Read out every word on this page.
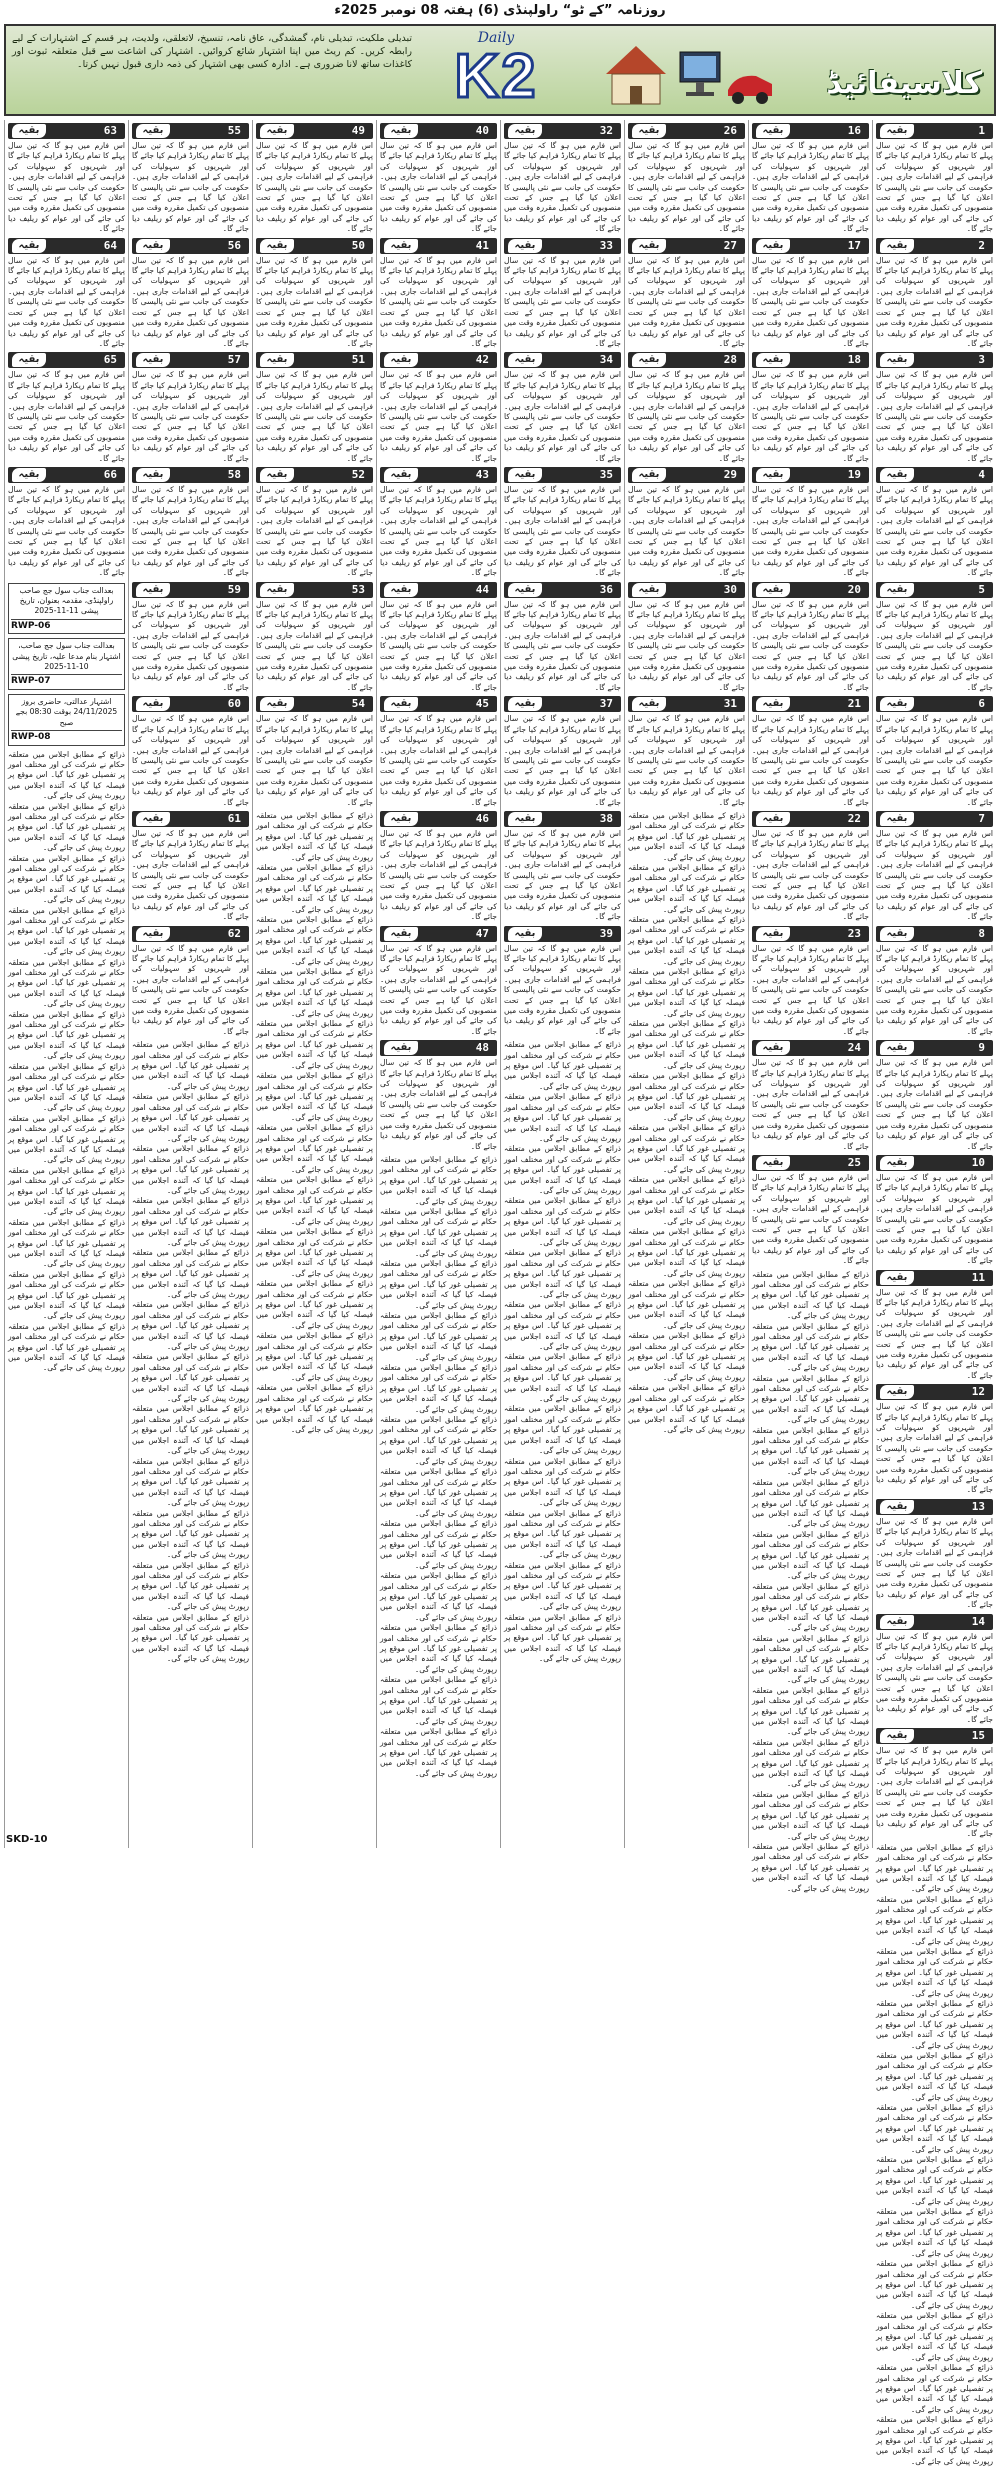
روزنامہ ”کے ٹو“ راولپنڈی (6) ہفتہ 08 نومبر 2025ء
تبدیلی ملکیت، تبدیلی نام، گمشدگی، عاق نامہ، تنسیخ، لاتعلقی، ولدیت، ہر قسم کے اشتہارات کے لیے رابطہ کریں۔ کم ریٹ میں اپنا اشتہار شائع کروائیں۔ اشتہار کی اشاعت سے قبل متعلقہ ثبوت اور کاغذات ساتھ لانا ضروری ہے۔ ادارہ کسی بھی اشتہار کی ذمہ داری قبول نہیں کرتا۔
Daily
K2	کلاسیفائیڈ
1
بقیہ
اس فارم میں ہو گا کہ تین سال پہلے کا تمام ریکارڈ فراہم کیا جائے گا اور شہریوں کو سہولیات کی فراہمی کے لیے اقدامات جاری ہیں۔ حکومت کی جانب سے نئی پالیسی کا اعلان کیا گیا ہے جس کے تحت منصوبوں کی تکمیل مقررہ وقت میں کی جائے گی اور عوام کو ریلیف دیا جائے گا۔
2
بقیہ
اس فارم میں ہو گا کہ تین سال پہلے کا تمام ریکارڈ فراہم کیا جائے گا اور شہریوں کو سہولیات کی فراہمی کے لیے اقدامات جاری ہیں۔ حکومت کی جانب سے نئی پالیسی کا اعلان کیا گیا ہے جس کے تحت منصوبوں کی تکمیل مقررہ وقت میں کی جائے گی اور عوام کو ریلیف دیا جائے گا۔
3
بقیہ
اس فارم میں ہو گا کہ تین سال پہلے کا تمام ریکارڈ فراہم کیا جائے گا اور شہریوں کو سہولیات کی فراہمی کے لیے اقدامات جاری ہیں۔ حکومت کی جانب سے نئی پالیسی کا اعلان کیا گیا ہے جس کے تحت منصوبوں کی تکمیل مقررہ وقت میں کی جائے گی اور عوام کو ریلیف دیا جائے گا۔
4
بقیہ
اس فارم میں ہو گا کہ تین سال پہلے کا تمام ریکارڈ فراہم کیا جائے گا اور شہریوں کو سہولیات کی فراہمی کے لیے اقدامات جاری ہیں۔ حکومت کی جانب سے نئی پالیسی کا اعلان کیا گیا ہے جس کے تحت منصوبوں کی تکمیل مقررہ وقت میں کی جائے گی اور عوام کو ریلیف دیا جائے گا۔
5
بقیہ
اس فارم میں ہو گا کہ تین سال پہلے کا تمام ریکارڈ فراہم کیا جائے گا اور شہریوں کو سہولیات کی فراہمی کے لیے اقدامات جاری ہیں۔ حکومت کی جانب سے نئی پالیسی کا اعلان کیا گیا ہے جس کے تحت منصوبوں کی تکمیل مقررہ وقت میں کی جائے گی اور عوام کو ریلیف دیا جائے گا۔
6
بقیہ
اس فارم میں ہو گا کہ تین سال پہلے کا تمام ریکارڈ فراہم کیا جائے گا اور شہریوں کو سہولیات کی فراہمی کے لیے اقدامات جاری ہیں۔ حکومت کی جانب سے نئی پالیسی کا اعلان کیا گیا ہے جس کے تحت منصوبوں کی تکمیل مقررہ وقت میں کی جائے گی اور عوام کو ریلیف دیا جائے گا۔
7
بقیہ
اس فارم میں ہو گا کہ تین سال پہلے کا تمام ریکارڈ فراہم کیا جائے گا اور شہریوں کو سہولیات کی فراہمی کے لیے اقدامات جاری ہیں۔ حکومت کی جانب سے نئی پالیسی کا اعلان کیا گیا ہے جس کے تحت منصوبوں کی تکمیل مقررہ وقت میں کی جائے گی اور عوام کو ریلیف دیا جائے گا۔
8
بقیہ
اس فارم میں ہو گا کہ تین سال پہلے کا تمام ریکارڈ فراہم کیا جائے گا اور شہریوں کو سہولیات کی فراہمی کے لیے اقدامات جاری ہیں۔ حکومت کی جانب سے نئی پالیسی کا اعلان کیا گیا ہے جس کے تحت منصوبوں کی تکمیل مقررہ وقت میں کی جائے گی اور عوام کو ریلیف دیا جائے گا۔
9
بقیہ
اس فارم میں ہو گا کہ تین سال پہلے کا تمام ریکارڈ فراہم کیا جائے گا اور شہریوں کو سہولیات کی فراہمی کے لیے اقدامات جاری ہیں۔ حکومت کی جانب سے نئی پالیسی کا اعلان کیا گیا ہے جس کے تحت منصوبوں کی تکمیل مقررہ وقت میں کی جائے گی اور عوام کو ریلیف دیا جائے گا۔
10
بقیہ
اس فارم میں ہو گا کہ تین سال پہلے کا تمام ریکارڈ فراہم کیا جائے گا اور شہریوں کو سہولیات کی فراہمی کے لیے اقدامات جاری ہیں۔ حکومت کی جانب سے نئی پالیسی کا اعلان کیا گیا ہے جس کے تحت منصوبوں کی تکمیل مقررہ وقت میں کی جائے گی اور عوام کو ریلیف دیا جائے گا۔
11
بقیہ
اس فارم میں ہو گا کہ تین سال پہلے کا تمام ریکارڈ فراہم کیا جائے گا اور شہریوں کو سہولیات کی فراہمی کے لیے اقدامات جاری ہیں۔ حکومت کی جانب سے نئی پالیسی کا اعلان کیا گیا ہے جس کے تحت منصوبوں کی تکمیل مقررہ وقت میں کی جائے گی اور عوام کو ریلیف دیا جائے گا۔
12
بقیہ
اس فارم میں ہو گا کہ تین سال پہلے کا تمام ریکارڈ فراہم کیا جائے گا اور شہریوں کو سہولیات کی فراہمی کے لیے اقدامات جاری ہیں۔ حکومت کی جانب سے نئی پالیسی کا اعلان کیا گیا ہے جس کے تحت منصوبوں کی تکمیل مقررہ وقت میں کی جائے گی اور عوام کو ریلیف دیا جائے گا۔
13
بقیہ
اس فارم میں ہو گا کہ تین سال پہلے کا تمام ریکارڈ فراہم کیا جائے گا اور شہریوں کو سہولیات کی فراہمی کے لیے اقدامات جاری ہیں۔ حکومت کی جانب سے نئی پالیسی کا اعلان کیا گیا ہے جس کے تحت منصوبوں کی تکمیل مقررہ وقت میں کی جائے گی اور عوام کو ریلیف دیا جائے گا۔
14
بقیہ
اس فارم میں ہو گا کہ تین سال پہلے کا تمام ریکارڈ فراہم کیا جائے گا اور شہریوں کو سہولیات کی فراہمی کے لیے اقدامات جاری ہیں۔ حکومت کی جانب سے نئی پالیسی کا اعلان کیا گیا ہے جس کے تحت منصوبوں کی تکمیل مقررہ وقت میں کی جائے گی اور عوام کو ریلیف دیا جائے گا۔
15
بقیہ
اس فارم میں ہو گا کہ تین سال پہلے کا تمام ریکارڈ فراہم کیا جائے گا اور شہریوں کو سہولیات کی فراہمی کے لیے اقدامات جاری ہیں۔ حکومت کی جانب سے نئی پالیسی کا اعلان کیا گیا ہے جس کے تحت منصوبوں کی تکمیل مقررہ وقت میں کی جائے گی اور عوام کو ریلیف دیا جائے گا۔
ذرائع کے مطابق اجلاس میں متعلقہ حکام نے شرکت کی اور مختلف امور پر تفصیلی غور کیا گیا۔ اس موقع پر فیصلہ کیا گیا کہ آئندہ اجلاس میں رپورٹ پیش کی جائے گی۔
ذرائع کے مطابق اجلاس میں متعلقہ حکام نے شرکت کی اور مختلف امور پر تفصیلی غور کیا گیا۔ اس موقع پر فیصلہ کیا گیا کہ آئندہ اجلاس میں رپورٹ پیش کی جائے گی۔
ذرائع کے مطابق اجلاس میں متعلقہ حکام نے شرکت کی اور مختلف امور پر تفصیلی غور کیا گیا۔ اس موقع پر فیصلہ کیا گیا کہ آئندہ اجلاس میں رپورٹ پیش کی جائے گی۔
ذرائع کے مطابق اجلاس میں متعلقہ حکام نے شرکت کی اور مختلف امور پر تفصیلی غور کیا گیا۔ اس موقع پر فیصلہ کیا گیا کہ آئندہ اجلاس میں رپورٹ پیش کی جائے گی۔
ذرائع کے مطابق اجلاس میں متعلقہ حکام نے شرکت کی اور مختلف امور پر تفصیلی غور کیا گیا۔ اس موقع پر فیصلہ کیا گیا کہ آئندہ اجلاس میں رپورٹ پیش کی جائے گی۔
ذرائع کے مطابق اجلاس میں متعلقہ حکام نے شرکت کی اور مختلف امور پر تفصیلی غور کیا گیا۔ اس موقع پر فیصلہ کیا گیا کہ آئندہ اجلاس میں رپورٹ پیش کی جائے گی۔
ذرائع کے مطابق اجلاس میں متعلقہ حکام نے شرکت کی اور مختلف امور پر تفصیلی غور کیا گیا۔ اس موقع پر فیصلہ کیا گیا کہ آئندہ اجلاس میں رپورٹ پیش کی جائے گی۔
ذرائع کے مطابق اجلاس میں متعلقہ حکام نے شرکت کی اور مختلف امور پر تفصیلی غور کیا گیا۔ اس موقع پر فیصلہ کیا گیا کہ آئندہ اجلاس میں رپورٹ پیش کی جائے گی۔
ذرائع کے مطابق اجلاس میں متعلقہ حکام نے شرکت کی اور مختلف امور پر تفصیلی غور کیا گیا۔ اس موقع پر فیصلہ کیا گیا کہ آئندہ اجلاس میں رپورٹ پیش کی جائے گی۔
ذرائع کے مطابق اجلاس میں متعلقہ حکام نے شرکت کی اور مختلف امور پر تفصیلی غور کیا گیا۔ اس موقع پر فیصلہ کیا گیا کہ آئندہ اجلاس میں رپورٹ پیش کی جائے گی۔
ذرائع کے مطابق اجلاس میں متعلقہ حکام نے شرکت کی اور مختلف امور پر تفصیلی غور کیا گیا۔ اس موقع پر فیصلہ کیا گیا کہ آئندہ اجلاس میں رپورٹ پیش کی جائے گی۔
ذرائع کے مطابق اجلاس میں متعلقہ حکام نے شرکت کی اور مختلف امور پر تفصیلی غور کیا گیا۔ اس موقع پر فیصلہ کیا گیا کہ آئندہ اجلاس میں رپورٹ پیش کی جائے گی۔
16
بقیہ
اس فارم میں ہو گا کہ تین سال پہلے کا تمام ریکارڈ فراہم کیا جائے گا اور شہریوں کو سہولیات کی فراہمی کے لیے اقدامات جاری ہیں۔ حکومت کی جانب سے نئی پالیسی کا اعلان کیا گیا ہے جس کے تحت منصوبوں کی تکمیل مقررہ وقت میں کی جائے گی اور عوام کو ریلیف دیا جائے گا۔
17
بقیہ
اس فارم میں ہو گا کہ تین سال پہلے کا تمام ریکارڈ فراہم کیا جائے گا اور شہریوں کو سہولیات کی فراہمی کے لیے اقدامات جاری ہیں۔ حکومت کی جانب سے نئی پالیسی کا اعلان کیا گیا ہے جس کے تحت منصوبوں کی تکمیل مقررہ وقت میں کی جائے گی اور عوام کو ریلیف دیا جائے گا۔
18
بقیہ
اس فارم میں ہو گا کہ تین سال پہلے کا تمام ریکارڈ فراہم کیا جائے گا اور شہریوں کو سہولیات کی فراہمی کے لیے اقدامات جاری ہیں۔ حکومت کی جانب سے نئی پالیسی کا اعلان کیا گیا ہے جس کے تحت منصوبوں کی تکمیل مقررہ وقت میں کی جائے گی اور عوام کو ریلیف دیا جائے گا۔
19
بقیہ
اس فارم میں ہو گا کہ تین سال پہلے کا تمام ریکارڈ فراہم کیا جائے گا اور شہریوں کو سہولیات کی فراہمی کے لیے اقدامات جاری ہیں۔ حکومت کی جانب سے نئی پالیسی کا اعلان کیا گیا ہے جس کے تحت منصوبوں کی تکمیل مقررہ وقت میں کی جائے گی اور عوام کو ریلیف دیا جائے گا۔
20
بقیہ
اس فارم میں ہو گا کہ تین سال پہلے کا تمام ریکارڈ فراہم کیا جائے گا اور شہریوں کو سہولیات کی فراہمی کے لیے اقدامات جاری ہیں۔ حکومت کی جانب سے نئی پالیسی کا اعلان کیا گیا ہے جس کے تحت منصوبوں کی تکمیل مقررہ وقت میں کی جائے گی اور عوام کو ریلیف دیا جائے گا۔
21
بقیہ
اس فارم میں ہو گا کہ تین سال پہلے کا تمام ریکارڈ فراہم کیا جائے گا اور شہریوں کو سہولیات کی فراہمی کے لیے اقدامات جاری ہیں۔ حکومت کی جانب سے نئی پالیسی کا اعلان کیا گیا ہے جس کے تحت منصوبوں کی تکمیل مقررہ وقت میں کی جائے گی اور عوام کو ریلیف دیا جائے گا۔
22
بقیہ
اس فارم میں ہو گا کہ تین سال پہلے کا تمام ریکارڈ فراہم کیا جائے گا اور شہریوں کو سہولیات کی فراہمی کے لیے اقدامات جاری ہیں۔ حکومت کی جانب سے نئی پالیسی کا اعلان کیا گیا ہے جس کے تحت منصوبوں کی تکمیل مقررہ وقت میں کی جائے گی اور عوام کو ریلیف دیا جائے گا۔
23
بقیہ
اس فارم میں ہو گا کہ تین سال پہلے کا تمام ریکارڈ فراہم کیا جائے گا اور شہریوں کو سہولیات کی فراہمی کے لیے اقدامات جاری ہیں۔ حکومت کی جانب سے نئی پالیسی کا اعلان کیا گیا ہے جس کے تحت منصوبوں کی تکمیل مقررہ وقت میں کی جائے گی اور عوام کو ریلیف دیا جائے گا۔
24
بقیہ
اس فارم میں ہو گا کہ تین سال پہلے کا تمام ریکارڈ فراہم کیا جائے گا اور شہریوں کو سہولیات کی فراہمی کے لیے اقدامات جاری ہیں۔ حکومت کی جانب سے نئی پالیسی کا اعلان کیا گیا ہے جس کے تحت منصوبوں کی تکمیل مقررہ وقت میں کی جائے گی اور عوام کو ریلیف دیا جائے گا۔
25
بقیہ
اس فارم میں ہو گا کہ تین سال پہلے کا تمام ریکارڈ فراہم کیا جائے گا اور شہریوں کو سہولیات کی فراہمی کے لیے اقدامات جاری ہیں۔ حکومت کی جانب سے نئی پالیسی کا اعلان کیا گیا ہے جس کے تحت منصوبوں کی تکمیل مقررہ وقت میں کی جائے گی اور عوام کو ریلیف دیا جائے گا۔
ذرائع کے مطابق اجلاس میں متعلقہ حکام نے شرکت کی اور مختلف امور پر تفصیلی غور کیا گیا۔ اس موقع پر فیصلہ کیا گیا کہ آئندہ اجلاس میں رپورٹ پیش کی جائے گی۔
ذرائع کے مطابق اجلاس میں متعلقہ حکام نے شرکت کی اور مختلف امور پر تفصیلی غور کیا گیا۔ اس موقع پر فیصلہ کیا گیا کہ آئندہ اجلاس میں رپورٹ پیش کی جائے گی۔
ذرائع کے مطابق اجلاس میں متعلقہ حکام نے شرکت کی اور مختلف امور پر تفصیلی غور کیا گیا۔ اس موقع پر فیصلہ کیا گیا کہ آئندہ اجلاس میں رپورٹ پیش کی جائے گی۔
ذرائع کے مطابق اجلاس میں متعلقہ حکام نے شرکت کی اور مختلف امور پر تفصیلی غور کیا گیا۔ اس موقع پر فیصلہ کیا گیا کہ آئندہ اجلاس میں رپورٹ پیش کی جائے گی۔
ذرائع کے مطابق اجلاس میں متعلقہ حکام نے شرکت کی اور مختلف امور پر تفصیلی غور کیا گیا۔ اس موقع پر فیصلہ کیا گیا کہ آئندہ اجلاس میں رپورٹ پیش کی جائے گی۔
ذرائع کے مطابق اجلاس میں متعلقہ حکام نے شرکت کی اور مختلف امور پر تفصیلی غور کیا گیا۔ اس موقع پر فیصلہ کیا گیا کہ آئندہ اجلاس میں رپورٹ پیش کی جائے گی۔
ذرائع کے مطابق اجلاس میں متعلقہ حکام نے شرکت کی اور مختلف امور پر تفصیلی غور کیا گیا۔ اس موقع پر فیصلہ کیا گیا کہ آئندہ اجلاس میں رپورٹ پیش کی جائے گی۔
ذرائع کے مطابق اجلاس میں متعلقہ حکام نے شرکت کی اور مختلف امور پر تفصیلی غور کیا گیا۔ اس موقع پر فیصلہ کیا گیا کہ آئندہ اجلاس میں رپورٹ پیش کی جائے گی۔
ذرائع کے مطابق اجلاس میں متعلقہ حکام نے شرکت کی اور مختلف امور پر تفصیلی غور کیا گیا۔ اس موقع پر فیصلہ کیا گیا کہ آئندہ اجلاس میں رپورٹ پیش کی جائے گی۔
ذرائع کے مطابق اجلاس میں متعلقہ حکام نے شرکت کی اور مختلف امور پر تفصیلی غور کیا گیا۔ اس موقع پر فیصلہ کیا گیا کہ آئندہ اجلاس میں رپورٹ پیش کی جائے گی۔
ذرائع کے مطابق اجلاس میں متعلقہ حکام نے شرکت کی اور مختلف امور پر تفصیلی غور کیا گیا۔ اس موقع پر فیصلہ کیا گیا کہ آئندہ اجلاس میں رپورٹ پیش کی جائے گی۔
ذرائع کے مطابق اجلاس میں متعلقہ حکام نے شرکت کی اور مختلف امور پر تفصیلی غور کیا گیا۔ اس موقع پر فیصلہ کیا گیا کہ آئندہ اجلاس میں رپورٹ پیش کی جائے گی۔
26
بقیہ
اس فارم میں ہو گا کہ تین سال پہلے کا تمام ریکارڈ فراہم کیا جائے گا اور شہریوں کو سہولیات کی فراہمی کے لیے اقدامات جاری ہیں۔ حکومت کی جانب سے نئی پالیسی کا اعلان کیا گیا ہے جس کے تحت منصوبوں کی تکمیل مقررہ وقت میں کی جائے گی اور عوام کو ریلیف دیا جائے گا۔
27
بقیہ
اس فارم میں ہو گا کہ تین سال پہلے کا تمام ریکارڈ فراہم کیا جائے گا اور شہریوں کو سہولیات کی فراہمی کے لیے اقدامات جاری ہیں۔ حکومت کی جانب سے نئی پالیسی کا اعلان کیا گیا ہے جس کے تحت منصوبوں کی تکمیل مقررہ وقت میں کی جائے گی اور عوام کو ریلیف دیا جائے گا۔
28
بقیہ
اس فارم میں ہو گا کہ تین سال پہلے کا تمام ریکارڈ فراہم کیا جائے گا اور شہریوں کو سہولیات کی فراہمی کے لیے اقدامات جاری ہیں۔ حکومت کی جانب سے نئی پالیسی کا اعلان کیا گیا ہے جس کے تحت منصوبوں کی تکمیل مقررہ وقت میں کی جائے گی اور عوام کو ریلیف دیا جائے گا۔
29
بقیہ
اس فارم میں ہو گا کہ تین سال پہلے کا تمام ریکارڈ فراہم کیا جائے گا اور شہریوں کو سہولیات کی فراہمی کے لیے اقدامات جاری ہیں۔ حکومت کی جانب سے نئی پالیسی کا اعلان کیا گیا ہے جس کے تحت منصوبوں کی تکمیل مقررہ وقت میں کی جائے گی اور عوام کو ریلیف دیا جائے گا۔
30
بقیہ
اس فارم میں ہو گا کہ تین سال پہلے کا تمام ریکارڈ فراہم کیا جائے گا اور شہریوں کو سہولیات کی فراہمی کے لیے اقدامات جاری ہیں۔ حکومت کی جانب سے نئی پالیسی کا اعلان کیا گیا ہے جس کے تحت منصوبوں کی تکمیل مقررہ وقت میں کی جائے گی اور عوام کو ریلیف دیا جائے گا۔
31
بقیہ
اس فارم میں ہو گا کہ تین سال پہلے کا تمام ریکارڈ فراہم کیا جائے گا اور شہریوں کو سہولیات کی فراہمی کے لیے اقدامات جاری ہیں۔ حکومت کی جانب سے نئی پالیسی کا اعلان کیا گیا ہے جس کے تحت منصوبوں کی تکمیل مقررہ وقت میں کی جائے گی اور عوام کو ریلیف دیا جائے گا۔
ذرائع کے مطابق اجلاس میں متعلقہ حکام نے شرکت کی اور مختلف امور پر تفصیلی غور کیا گیا۔ اس موقع پر فیصلہ کیا گیا کہ آئندہ اجلاس میں رپورٹ پیش کی جائے گی۔
ذرائع کے مطابق اجلاس میں متعلقہ حکام نے شرکت کی اور مختلف امور پر تفصیلی غور کیا گیا۔ اس موقع پر فیصلہ کیا گیا کہ آئندہ اجلاس میں رپورٹ پیش کی جائے گی۔
ذرائع کے مطابق اجلاس میں متعلقہ حکام نے شرکت کی اور مختلف امور پر تفصیلی غور کیا گیا۔ اس موقع پر فیصلہ کیا گیا کہ آئندہ اجلاس میں رپورٹ پیش کی جائے گی۔
ذرائع کے مطابق اجلاس میں متعلقہ حکام نے شرکت کی اور مختلف امور پر تفصیلی غور کیا گیا۔ اس موقع پر فیصلہ کیا گیا کہ آئندہ اجلاس میں رپورٹ پیش کی جائے گی۔
ذرائع کے مطابق اجلاس میں متعلقہ حکام نے شرکت کی اور مختلف امور پر تفصیلی غور کیا گیا۔ اس موقع پر فیصلہ کیا گیا کہ آئندہ اجلاس میں رپورٹ پیش کی جائے گی۔
ذرائع کے مطابق اجلاس میں متعلقہ حکام نے شرکت کی اور مختلف امور پر تفصیلی غور کیا گیا۔ اس موقع پر فیصلہ کیا گیا کہ آئندہ اجلاس میں رپورٹ پیش کی جائے گی۔
ذرائع کے مطابق اجلاس میں متعلقہ حکام نے شرکت کی اور مختلف امور پر تفصیلی غور کیا گیا۔ اس موقع پر فیصلہ کیا گیا کہ آئندہ اجلاس میں رپورٹ پیش کی جائے گی۔
ذرائع کے مطابق اجلاس میں متعلقہ حکام نے شرکت کی اور مختلف امور پر تفصیلی غور کیا گیا۔ اس موقع پر فیصلہ کیا گیا کہ آئندہ اجلاس میں رپورٹ پیش کی جائے گی۔
ذرائع کے مطابق اجلاس میں متعلقہ حکام نے شرکت کی اور مختلف امور پر تفصیلی غور کیا گیا۔ اس موقع پر فیصلہ کیا گیا کہ آئندہ اجلاس میں رپورٹ پیش کی جائے گی۔
ذرائع کے مطابق اجلاس میں متعلقہ حکام نے شرکت کی اور مختلف امور پر تفصیلی غور کیا گیا۔ اس موقع پر فیصلہ کیا گیا کہ آئندہ اجلاس میں رپورٹ پیش کی جائے گی۔
ذرائع کے مطابق اجلاس میں متعلقہ حکام نے شرکت کی اور مختلف امور پر تفصیلی غور کیا گیا۔ اس موقع پر فیصلہ کیا گیا کہ آئندہ اجلاس میں رپورٹ پیش کی جائے گی۔
ذرائع کے مطابق اجلاس میں متعلقہ حکام نے شرکت کی اور مختلف امور پر تفصیلی غور کیا گیا۔ اس موقع پر فیصلہ کیا گیا کہ آئندہ اجلاس میں رپورٹ پیش کی جائے گی۔
32
بقیہ
اس فارم میں ہو گا کہ تین سال پہلے کا تمام ریکارڈ فراہم کیا جائے گا اور شہریوں کو سہولیات کی فراہمی کے لیے اقدامات جاری ہیں۔ حکومت کی جانب سے نئی پالیسی کا اعلان کیا گیا ہے جس کے تحت منصوبوں کی تکمیل مقررہ وقت میں کی جائے گی اور عوام کو ریلیف دیا جائے گا۔
33
بقیہ
اس فارم میں ہو گا کہ تین سال پہلے کا تمام ریکارڈ فراہم کیا جائے گا اور شہریوں کو سہولیات کی فراہمی کے لیے اقدامات جاری ہیں۔ حکومت کی جانب سے نئی پالیسی کا اعلان کیا گیا ہے جس کے تحت منصوبوں کی تکمیل مقررہ وقت میں کی جائے گی اور عوام کو ریلیف دیا جائے گا۔
34
بقیہ
اس فارم میں ہو گا کہ تین سال پہلے کا تمام ریکارڈ فراہم کیا جائے گا اور شہریوں کو سہولیات کی فراہمی کے لیے اقدامات جاری ہیں۔ حکومت کی جانب سے نئی پالیسی کا اعلان کیا گیا ہے جس کے تحت منصوبوں کی تکمیل مقررہ وقت میں کی جائے گی اور عوام کو ریلیف دیا جائے گا۔
35
بقیہ
اس فارم میں ہو گا کہ تین سال پہلے کا تمام ریکارڈ فراہم کیا جائے گا اور شہریوں کو سہولیات کی فراہمی کے لیے اقدامات جاری ہیں۔ حکومت کی جانب سے نئی پالیسی کا اعلان کیا گیا ہے جس کے تحت منصوبوں کی تکمیل مقررہ وقت میں کی جائے گی اور عوام کو ریلیف دیا جائے گا۔
36
بقیہ
اس فارم میں ہو گا کہ تین سال پہلے کا تمام ریکارڈ فراہم کیا جائے گا اور شہریوں کو سہولیات کی فراہمی کے لیے اقدامات جاری ہیں۔ حکومت کی جانب سے نئی پالیسی کا اعلان کیا گیا ہے جس کے تحت منصوبوں کی تکمیل مقررہ وقت میں کی جائے گی اور عوام کو ریلیف دیا جائے گا۔
37
بقیہ
اس فارم میں ہو گا کہ تین سال پہلے کا تمام ریکارڈ فراہم کیا جائے گا اور شہریوں کو سہولیات کی فراہمی کے لیے اقدامات جاری ہیں۔ حکومت کی جانب سے نئی پالیسی کا اعلان کیا گیا ہے جس کے تحت منصوبوں کی تکمیل مقررہ وقت میں کی جائے گی اور عوام کو ریلیف دیا جائے گا۔
38
بقیہ
اس فارم میں ہو گا کہ تین سال پہلے کا تمام ریکارڈ فراہم کیا جائے گا اور شہریوں کو سہولیات کی فراہمی کے لیے اقدامات جاری ہیں۔ حکومت کی جانب سے نئی پالیسی کا اعلان کیا گیا ہے جس کے تحت منصوبوں کی تکمیل مقررہ وقت میں کی جائے گی اور عوام کو ریلیف دیا جائے گا۔
39
بقیہ
اس فارم میں ہو گا کہ تین سال پہلے کا تمام ریکارڈ فراہم کیا جائے گا اور شہریوں کو سہولیات کی فراہمی کے لیے اقدامات جاری ہیں۔ حکومت کی جانب سے نئی پالیسی کا اعلان کیا گیا ہے جس کے تحت منصوبوں کی تکمیل مقررہ وقت میں کی جائے گی اور عوام کو ریلیف دیا جائے گا۔
ذرائع کے مطابق اجلاس میں متعلقہ حکام نے شرکت کی اور مختلف امور پر تفصیلی غور کیا گیا۔ اس موقع پر فیصلہ کیا گیا کہ آئندہ اجلاس میں رپورٹ پیش کی جائے گی۔
ذرائع کے مطابق اجلاس میں متعلقہ حکام نے شرکت کی اور مختلف امور پر تفصیلی غور کیا گیا۔ اس موقع پر فیصلہ کیا گیا کہ آئندہ اجلاس میں رپورٹ پیش کی جائے گی۔
ذرائع کے مطابق اجلاس میں متعلقہ حکام نے شرکت کی اور مختلف امور پر تفصیلی غور کیا گیا۔ اس موقع پر فیصلہ کیا گیا کہ آئندہ اجلاس میں رپورٹ پیش کی جائے گی۔
ذرائع کے مطابق اجلاس میں متعلقہ حکام نے شرکت کی اور مختلف امور پر تفصیلی غور کیا گیا۔ اس موقع پر فیصلہ کیا گیا کہ آئندہ اجلاس میں رپورٹ پیش کی جائے گی۔
ذرائع کے مطابق اجلاس میں متعلقہ حکام نے شرکت کی اور مختلف امور پر تفصیلی غور کیا گیا۔ اس موقع پر فیصلہ کیا گیا کہ آئندہ اجلاس میں رپورٹ پیش کی جائے گی۔
ذرائع کے مطابق اجلاس میں متعلقہ حکام نے شرکت کی اور مختلف امور پر تفصیلی غور کیا گیا۔ اس موقع پر فیصلہ کیا گیا کہ آئندہ اجلاس میں رپورٹ پیش کی جائے گی۔
ذرائع کے مطابق اجلاس میں متعلقہ حکام نے شرکت کی اور مختلف امور پر تفصیلی غور کیا گیا۔ اس موقع پر فیصلہ کیا گیا کہ آئندہ اجلاس میں رپورٹ پیش کی جائے گی۔
ذرائع کے مطابق اجلاس میں متعلقہ حکام نے شرکت کی اور مختلف امور پر تفصیلی غور کیا گیا۔ اس موقع پر فیصلہ کیا گیا کہ آئندہ اجلاس میں رپورٹ پیش کی جائے گی۔
ذرائع کے مطابق اجلاس میں متعلقہ حکام نے شرکت کی اور مختلف امور پر تفصیلی غور کیا گیا۔ اس موقع پر فیصلہ کیا گیا کہ آئندہ اجلاس میں رپورٹ پیش کی جائے گی۔
ذرائع کے مطابق اجلاس میں متعلقہ حکام نے شرکت کی اور مختلف امور پر تفصیلی غور کیا گیا۔ اس موقع پر فیصلہ کیا گیا کہ آئندہ اجلاس میں رپورٹ پیش کی جائے گی۔
ذرائع کے مطابق اجلاس میں متعلقہ حکام نے شرکت کی اور مختلف امور پر تفصیلی غور کیا گیا۔ اس موقع پر فیصلہ کیا گیا کہ آئندہ اجلاس میں رپورٹ پیش کی جائے گی۔
ذرائع کے مطابق اجلاس میں متعلقہ حکام نے شرکت کی اور مختلف امور پر تفصیلی غور کیا گیا۔ اس موقع پر فیصلہ کیا گیا کہ آئندہ اجلاس میں رپورٹ پیش کی جائے گی۔
40
بقیہ
اس فارم میں ہو گا کہ تین سال پہلے کا تمام ریکارڈ فراہم کیا جائے گا اور شہریوں کو سہولیات کی فراہمی کے لیے اقدامات جاری ہیں۔ حکومت کی جانب سے نئی پالیسی کا اعلان کیا گیا ہے جس کے تحت منصوبوں کی تکمیل مقررہ وقت میں کی جائے گی اور عوام کو ریلیف دیا جائے گا۔
41
بقیہ
اس فارم میں ہو گا کہ تین سال پہلے کا تمام ریکارڈ فراہم کیا جائے گا اور شہریوں کو سہولیات کی فراہمی کے لیے اقدامات جاری ہیں۔ حکومت کی جانب سے نئی پالیسی کا اعلان کیا گیا ہے جس کے تحت منصوبوں کی تکمیل مقررہ وقت میں کی جائے گی اور عوام کو ریلیف دیا جائے گا۔
42
بقیہ
اس فارم میں ہو گا کہ تین سال پہلے کا تمام ریکارڈ فراہم کیا جائے گا اور شہریوں کو سہولیات کی فراہمی کے لیے اقدامات جاری ہیں۔ حکومت کی جانب سے نئی پالیسی کا اعلان کیا گیا ہے جس کے تحت منصوبوں کی تکمیل مقررہ وقت میں کی جائے گی اور عوام کو ریلیف دیا جائے گا۔
43
بقیہ
اس فارم میں ہو گا کہ تین سال پہلے کا تمام ریکارڈ فراہم کیا جائے گا اور شہریوں کو سہولیات کی فراہمی کے لیے اقدامات جاری ہیں۔ حکومت کی جانب سے نئی پالیسی کا اعلان کیا گیا ہے جس کے تحت منصوبوں کی تکمیل مقررہ وقت میں کی جائے گی اور عوام کو ریلیف دیا جائے گا۔
44
بقیہ
اس فارم میں ہو گا کہ تین سال پہلے کا تمام ریکارڈ فراہم کیا جائے گا اور شہریوں کو سہولیات کی فراہمی کے لیے اقدامات جاری ہیں۔ حکومت کی جانب سے نئی پالیسی کا اعلان کیا گیا ہے جس کے تحت منصوبوں کی تکمیل مقررہ وقت میں کی جائے گی اور عوام کو ریلیف دیا جائے گا۔
45
بقیہ
اس فارم میں ہو گا کہ تین سال پہلے کا تمام ریکارڈ فراہم کیا جائے گا اور شہریوں کو سہولیات کی فراہمی کے لیے اقدامات جاری ہیں۔ حکومت کی جانب سے نئی پالیسی کا اعلان کیا گیا ہے جس کے تحت منصوبوں کی تکمیل مقررہ وقت میں کی جائے گی اور عوام کو ریلیف دیا جائے گا۔
46
بقیہ
اس فارم میں ہو گا کہ تین سال پہلے کا تمام ریکارڈ فراہم کیا جائے گا اور شہریوں کو سہولیات کی فراہمی کے لیے اقدامات جاری ہیں۔ حکومت کی جانب سے نئی پالیسی کا اعلان کیا گیا ہے جس کے تحت منصوبوں کی تکمیل مقررہ وقت میں کی جائے گی اور عوام کو ریلیف دیا جائے گا۔
47
بقیہ
اس فارم میں ہو گا کہ تین سال پہلے کا تمام ریکارڈ فراہم کیا جائے گا اور شہریوں کو سہولیات کی فراہمی کے لیے اقدامات جاری ہیں۔ حکومت کی جانب سے نئی پالیسی کا اعلان کیا گیا ہے جس کے تحت منصوبوں کی تکمیل مقررہ وقت میں کی جائے گی اور عوام کو ریلیف دیا جائے گا۔
48
بقیہ
اس فارم میں ہو گا کہ تین سال پہلے کا تمام ریکارڈ فراہم کیا جائے گا اور شہریوں کو سہولیات کی فراہمی کے لیے اقدامات جاری ہیں۔ حکومت کی جانب سے نئی پالیسی کا اعلان کیا گیا ہے جس کے تحت منصوبوں کی تکمیل مقررہ وقت میں کی جائے گی اور عوام کو ریلیف دیا جائے گا۔
ذرائع کے مطابق اجلاس میں متعلقہ حکام نے شرکت کی اور مختلف امور پر تفصیلی غور کیا گیا۔ اس موقع پر فیصلہ کیا گیا کہ آئندہ اجلاس میں رپورٹ پیش کی جائے گی۔
ذرائع کے مطابق اجلاس میں متعلقہ حکام نے شرکت کی اور مختلف امور پر تفصیلی غور کیا گیا۔ اس موقع پر فیصلہ کیا گیا کہ آئندہ اجلاس میں رپورٹ پیش کی جائے گی۔
ذرائع کے مطابق اجلاس میں متعلقہ حکام نے شرکت کی اور مختلف امور پر تفصیلی غور کیا گیا۔ اس موقع پر فیصلہ کیا گیا کہ آئندہ اجلاس میں رپورٹ پیش کی جائے گی۔
ذرائع کے مطابق اجلاس میں متعلقہ حکام نے شرکت کی اور مختلف امور پر تفصیلی غور کیا گیا۔ اس موقع پر فیصلہ کیا گیا کہ آئندہ اجلاس میں رپورٹ پیش کی جائے گی۔
ذرائع کے مطابق اجلاس میں متعلقہ حکام نے شرکت کی اور مختلف امور پر تفصیلی غور کیا گیا۔ اس موقع پر فیصلہ کیا گیا کہ آئندہ اجلاس میں رپورٹ پیش کی جائے گی۔
ذرائع کے مطابق اجلاس میں متعلقہ حکام نے شرکت کی اور مختلف امور پر تفصیلی غور کیا گیا۔ اس موقع پر فیصلہ کیا گیا کہ آئندہ اجلاس میں رپورٹ پیش کی جائے گی۔
ذرائع کے مطابق اجلاس میں متعلقہ حکام نے شرکت کی اور مختلف امور پر تفصیلی غور کیا گیا۔ اس موقع پر فیصلہ کیا گیا کہ آئندہ اجلاس میں رپورٹ پیش کی جائے گی۔
ذرائع کے مطابق اجلاس میں متعلقہ حکام نے شرکت کی اور مختلف امور پر تفصیلی غور کیا گیا۔ اس موقع پر فیصلہ کیا گیا کہ آئندہ اجلاس میں رپورٹ پیش کی جائے گی۔
ذرائع کے مطابق اجلاس میں متعلقہ حکام نے شرکت کی اور مختلف امور پر تفصیلی غور کیا گیا۔ اس موقع پر فیصلہ کیا گیا کہ آئندہ اجلاس میں رپورٹ پیش کی جائے گی۔
ذرائع کے مطابق اجلاس میں متعلقہ حکام نے شرکت کی اور مختلف امور پر تفصیلی غور کیا گیا۔ اس موقع پر فیصلہ کیا گیا کہ آئندہ اجلاس میں رپورٹ پیش کی جائے گی۔
ذرائع کے مطابق اجلاس میں متعلقہ حکام نے شرکت کی اور مختلف امور پر تفصیلی غور کیا گیا۔ اس موقع پر فیصلہ کیا گیا کہ آئندہ اجلاس میں رپورٹ پیش کی جائے گی۔
ذرائع کے مطابق اجلاس میں متعلقہ حکام نے شرکت کی اور مختلف امور پر تفصیلی غور کیا گیا۔ اس موقع پر فیصلہ کیا گیا کہ آئندہ اجلاس میں رپورٹ پیش کی جائے گی۔
49
بقیہ
اس فارم میں ہو گا کہ تین سال پہلے کا تمام ریکارڈ فراہم کیا جائے گا اور شہریوں کو سہولیات کی فراہمی کے لیے اقدامات جاری ہیں۔ حکومت کی جانب سے نئی پالیسی کا اعلان کیا گیا ہے جس کے تحت منصوبوں کی تکمیل مقررہ وقت میں کی جائے گی اور عوام کو ریلیف دیا جائے گا۔
50
بقیہ
اس فارم میں ہو گا کہ تین سال پہلے کا تمام ریکارڈ فراہم کیا جائے گا اور شہریوں کو سہولیات کی فراہمی کے لیے اقدامات جاری ہیں۔ حکومت کی جانب سے نئی پالیسی کا اعلان کیا گیا ہے جس کے تحت منصوبوں کی تکمیل مقررہ وقت میں کی جائے گی اور عوام کو ریلیف دیا جائے گا۔
51
بقیہ
اس فارم میں ہو گا کہ تین سال پہلے کا تمام ریکارڈ فراہم کیا جائے گا اور شہریوں کو سہولیات کی فراہمی کے لیے اقدامات جاری ہیں۔ حکومت کی جانب سے نئی پالیسی کا اعلان کیا گیا ہے جس کے تحت منصوبوں کی تکمیل مقررہ وقت میں کی جائے گی اور عوام کو ریلیف دیا جائے گا۔
52
بقیہ
اس فارم میں ہو گا کہ تین سال پہلے کا تمام ریکارڈ فراہم کیا جائے گا اور شہریوں کو سہولیات کی فراہمی کے لیے اقدامات جاری ہیں۔ حکومت کی جانب سے نئی پالیسی کا اعلان کیا گیا ہے جس کے تحت منصوبوں کی تکمیل مقررہ وقت میں کی جائے گی اور عوام کو ریلیف دیا جائے گا۔
53
بقیہ
اس فارم میں ہو گا کہ تین سال پہلے کا تمام ریکارڈ فراہم کیا جائے گا اور شہریوں کو سہولیات کی فراہمی کے لیے اقدامات جاری ہیں۔ حکومت کی جانب سے نئی پالیسی کا اعلان کیا گیا ہے جس کے تحت منصوبوں کی تکمیل مقررہ وقت میں کی جائے گی اور عوام کو ریلیف دیا جائے گا۔
54
بقیہ
اس فارم میں ہو گا کہ تین سال پہلے کا تمام ریکارڈ فراہم کیا جائے گا اور شہریوں کو سہولیات کی فراہمی کے لیے اقدامات جاری ہیں۔ حکومت کی جانب سے نئی پالیسی کا اعلان کیا گیا ہے جس کے تحت منصوبوں کی تکمیل مقررہ وقت میں کی جائے گی اور عوام کو ریلیف دیا جائے گا۔
ذرائع کے مطابق اجلاس میں متعلقہ حکام نے شرکت کی اور مختلف امور پر تفصیلی غور کیا گیا۔ اس موقع پر فیصلہ کیا گیا کہ آئندہ اجلاس میں رپورٹ پیش کی جائے گی۔
ذرائع کے مطابق اجلاس میں متعلقہ حکام نے شرکت کی اور مختلف امور پر تفصیلی غور کیا گیا۔ اس موقع پر فیصلہ کیا گیا کہ آئندہ اجلاس میں رپورٹ پیش کی جائے گی۔
ذرائع کے مطابق اجلاس میں متعلقہ حکام نے شرکت کی اور مختلف امور پر تفصیلی غور کیا گیا۔ اس موقع پر فیصلہ کیا گیا کہ آئندہ اجلاس میں رپورٹ پیش کی جائے گی۔
ذرائع کے مطابق اجلاس میں متعلقہ حکام نے شرکت کی اور مختلف امور پر تفصیلی غور کیا گیا۔ اس موقع پر فیصلہ کیا گیا کہ آئندہ اجلاس میں رپورٹ پیش کی جائے گی۔
ذرائع کے مطابق اجلاس میں متعلقہ حکام نے شرکت کی اور مختلف امور پر تفصیلی غور کیا گیا۔ اس موقع پر فیصلہ کیا گیا کہ آئندہ اجلاس میں رپورٹ پیش کی جائے گی۔
ذرائع کے مطابق اجلاس میں متعلقہ حکام نے شرکت کی اور مختلف امور پر تفصیلی غور کیا گیا۔ اس موقع پر فیصلہ کیا گیا کہ آئندہ اجلاس میں رپورٹ پیش کی جائے گی۔
ذرائع کے مطابق اجلاس میں متعلقہ حکام نے شرکت کی اور مختلف امور پر تفصیلی غور کیا گیا۔ اس موقع پر فیصلہ کیا گیا کہ آئندہ اجلاس میں رپورٹ پیش کی جائے گی۔
ذرائع کے مطابق اجلاس میں متعلقہ حکام نے شرکت کی اور مختلف امور پر تفصیلی غور کیا گیا۔ اس موقع پر فیصلہ کیا گیا کہ آئندہ اجلاس میں رپورٹ پیش کی جائے گی۔
ذرائع کے مطابق اجلاس میں متعلقہ حکام نے شرکت کی اور مختلف امور پر تفصیلی غور کیا گیا۔ اس موقع پر فیصلہ کیا گیا کہ آئندہ اجلاس میں رپورٹ پیش کی جائے گی۔
ذرائع کے مطابق اجلاس میں متعلقہ حکام نے شرکت کی اور مختلف امور پر تفصیلی غور کیا گیا۔ اس موقع پر فیصلہ کیا گیا کہ آئندہ اجلاس میں رپورٹ پیش کی جائے گی۔
ذرائع کے مطابق اجلاس میں متعلقہ حکام نے شرکت کی اور مختلف امور پر تفصیلی غور کیا گیا۔ اس موقع پر فیصلہ کیا گیا کہ آئندہ اجلاس میں رپورٹ پیش کی جائے گی۔
ذرائع کے مطابق اجلاس میں متعلقہ حکام نے شرکت کی اور مختلف امور پر تفصیلی غور کیا گیا۔ اس موقع پر فیصلہ کیا گیا کہ آئندہ اجلاس میں رپورٹ پیش کی جائے گی۔
55
بقیہ
اس فارم میں ہو گا کہ تین سال پہلے کا تمام ریکارڈ فراہم کیا جائے گا اور شہریوں کو سہولیات کی فراہمی کے لیے اقدامات جاری ہیں۔ حکومت کی جانب سے نئی پالیسی کا اعلان کیا گیا ہے جس کے تحت منصوبوں کی تکمیل مقررہ وقت میں کی جائے گی اور عوام کو ریلیف دیا جائے گا۔
56
بقیہ
اس فارم میں ہو گا کہ تین سال پہلے کا تمام ریکارڈ فراہم کیا جائے گا اور شہریوں کو سہولیات کی فراہمی کے لیے اقدامات جاری ہیں۔ حکومت کی جانب سے نئی پالیسی کا اعلان کیا گیا ہے جس کے تحت منصوبوں کی تکمیل مقررہ وقت میں کی جائے گی اور عوام کو ریلیف دیا جائے گا۔
57
بقیہ
اس فارم میں ہو گا کہ تین سال پہلے کا تمام ریکارڈ فراہم کیا جائے گا اور شہریوں کو سہولیات کی فراہمی کے لیے اقدامات جاری ہیں۔ حکومت کی جانب سے نئی پالیسی کا اعلان کیا گیا ہے جس کے تحت منصوبوں کی تکمیل مقررہ وقت میں کی جائے گی اور عوام کو ریلیف دیا جائے گا۔
58
بقیہ
اس فارم میں ہو گا کہ تین سال پہلے کا تمام ریکارڈ فراہم کیا جائے گا اور شہریوں کو سہولیات کی فراہمی کے لیے اقدامات جاری ہیں۔ حکومت کی جانب سے نئی پالیسی کا اعلان کیا گیا ہے جس کے تحت منصوبوں کی تکمیل مقررہ وقت میں کی جائے گی اور عوام کو ریلیف دیا جائے گا۔
59
بقیہ
اس فارم میں ہو گا کہ تین سال پہلے کا تمام ریکارڈ فراہم کیا جائے گا اور شہریوں کو سہولیات کی فراہمی کے لیے اقدامات جاری ہیں۔ حکومت کی جانب سے نئی پالیسی کا اعلان کیا گیا ہے جس کے تحت منصوبوں کی تکمیل مقررہ وقت میں کی جائے گی اور عوام کو ریلیف دیا جائے گا۔
60
بقیہ
اس فارم میں ہو گا کہ تین سال پہلے کا تمام ریکارڈ فراہم کیا جائے گا اور شہریوں کو سہولیات کی فراہمی کے لیے اقدامات جاری ہیں۔ حکومت کی جانب سے نئی پالیسی کا اعلان کیا گیا ہے جس کے تحت منصوبوں کی تکمیل مقررہ وقت میں کی جائے گی اور عوام کو ریلیف دیا جائے گا۔
61
بقیہ
اس فارم میں ہو گا کہ تین سال پہلے کا تمام ریکارڈ فراہم کیا جائے گا اور شہریوں کو سہولیات کی فراہمی کے لیے اقدامات جاری ہیں۔ حکومت کی جانب سے نئی پالیسی کا اعلان کیا گیا ہے جس کے تحت منصوبوں کی تکمیل مقررہ وقت میں کی جائے گی اور عوام کو ریلیف دیا جائے گا۔
62
بقیہ
اس فارم میں ہو گا کہ تین سال پہلے کا تمام ریکارڈ فراہم کیا جائے گا اور شہریوں کو سہولیات کی فراہمی کے لیے اقدامات جاری ہیں۔ حکومت کی جانب سے نئی پالیسی کا اعلان کیا گیا ہے جس کے تحت منصوبوں کی تکمیل مقررہ وقت میں کی جائے گی اور عوام کو ریلیف دیا جائے گا۔
ذرائع کے مطابق اجلاس میں متعلقہ حکام نے شرکت کی اور مختلف امور پر تفصیلی غور کیا گیا۔ اس موقع پر فیصلہ کیا گیا کہ آئندہ اجلاس میں رپورٹ پیش کی جائے گی۔
ذرائع کے مطابق اجلاس میں متعلقہ حکام نے شرکت کی اور مختلف امور پر تفصیلی غور کیا گیا۔ اس موقع پر فیصلہ کیا گیا کہ آئندہ اجلاس میں رپورٹ پیش کی جائے گی۔
ذرائع کے مطابق اجلاس میں متعلقہ حکام نے شرکت کی اور مختلف امور پر تفصیلی غور کیا گیا۔ اس موقع پر فیصلہ کیا گیا کہ آئندہ اجلاس میں رپورٹ پیش کی جائے گی۔
ذرائع کے مطابق اجلاس میں متعلقہ حکام نے شرکت کی اور مختلف امور پر تفصیلی غور کیا گیا۔ اس موقع پر فیصلہ کیا گیا کہ آئندہ اجلاس میں رپورٹ پیش کی جائے گی۔
ذرائع کے مطابق اجلاس میں متعلقہ حکام نے شرکت کی اور مختلف امور پر تفصیلی غور کیا گیا۔ اس موقع پر فیصلہ کیا گیا کہ آئندہ اجلاس میں رپورٹ پیش کی جائے گی۔
ذرائع کے مطابق اجلاس میں متعلقہ حکام نے شرکت کی اور مختلف امور پر تفصیلی غور کیا گیا۔ اس موقع پر فیصلہ کیا گیا کہ آئندہ اجلاس میں رپورٹ پیش کی جائے گی۔
ذرائع کے مطابق اجلاس میں متعلقہ حکام نے شرکت کی اور مختلف امور پر تفصیلی غور کیا گیا۔ اس موقع پر فیصلہ کیا گیا کہ آئندہ اجلاس میں رپورٹ پیش کی جائے گی۔
ذرائع کے مطابق اجلاس میں متعلقہ حکام نے شرکت کی اور مختلف امور پر تفصیلی غور کیا گیا۔ اس موقع پر فیصلہ کیا گیا کہ آئندہ اجلاس میں رپورٹ پیش کی جائے گی۔
ذرائع کے مطابق اجلاس میں متعلقہ حکام نے شرکت کی اور مختلف امور پر تفصیلی غور کیا گیا۔ اس موقع پر فیصلہ کیا گیا کہ آئندہ اجلاس میں رپورٹ پیش کی جائے گی۔
ذرائع کے مطابق اجلاس میں متعلقہ حکام نے شرکت کی اور مختلف امور پر تفصیلی غور کیا گیا۔ اس موقع پر فیصلہ کیا گیا کہ آئندہ اجلاس میں رپورٹ پیش کی جائے گی۔
ذرائع کے مطابق اجلاس میں متعلقہ حکام نے شرکت کی اور مختلف امور پر تفصیلی غور کیا گیا۔ اس موقع پر فیصلہ کیا گیا کہ آئندہ اجلاس میں رپورٹ پیش کی جائے گی۔
ذرائع کے مطابق اجلاس میں متعلقہ حکام نے شرکت کی اور مختلف امور پر تفصیلی غور کیا گیا۔ اس موقع پر فیصلہ کیا گیا کہ آئندہ اجلاس میں رپورٹ پیش کی جائے گی۔
63
بقیہ
اس فارم میں ہو گا کہ تین سال پہلے کا تمام ریکارڈ فراہم کیا جائے گا اور شہریوں کو سہولیات کی فراہمی کے لیے اقدامات جاری ہیں۔ حکومت کی جانب سے نئی پالیسی کا اعلان کیا گیا ہے جس کے تحت منصوبوں کی تکمیل مقررہ وقت میں کی جائے گی اور عوام کو ریلیف دیا جائے گا۔
64
بقیہ
اس فارم میں ہو گا کہ تین سال پہلے کا تمام ریکارڈ فراہم کیا جائے گا اور شہریوں کو سہولیات کی فراہمی کے لیے اقدامات جاری ہیں۔ حکومت کی جانب سے نئی پالیسی کا اعلان کیا گیا ہے جس کے تحت منصوبوں کی تکمیل مقررہ وقت میں کی جائے گی اور عوام کو ریلیف دیا جائے گا۔
65
بقیہ
اس فارم میں ہو گا کہ تین سال پہلے کا تمام ریکارڈ فراہم کیا جائے گا اور شہریوں کو سہولیات کی فراہمی کے لیے اقدامات جاری ہیں۔ حکومت کی جانب سے نئی پالیسی کا اعلان کیا گیا ہے جس کے تحت منصوبوں کی تکمیل مقررہ وقت میں کی جائے گی اور عوام کو ریلیف دیا جائے گا۔
66
بقیہ
اس فارم میں ہو گا کہ تین سال پہلے کا تمام ریکارڈ فراہم کیا جائے گا اور شہریوں کو سہولیات کی فراہمی کے لیے اقدامات جاری ہیں۔ حکومت کی جانب سے نئی پالیسی کا اعلان کیا گیا ہے جس کے تحت منصوبوں کی تکمیل مقررہ وقت میں کی جائے گی اور عوام کو ریلیف دیا جائے گا۔
بعدالت جناب سول جج صاحب راولپنڈی، مقدمہ بعنوان، تاریخ پیشی 11-11-2025
RWP-06
بعدالت جناب سول جج صاحب، اشتہار بنام مدعا علیہ، تاریخ پیشی 10-11-2025
RWP-07
اشتہار عدالتی، حاضری بروز 24/11/2025 بوقت 08:30 بجے صبح
RWP-08
ذرائع کے مطابق اجلاس میں متعلقہ حکام نے شرکت کی اور مختلف امور پر تفصیلی غور کیا گیا۔ اس موقع پر فیصلہ کیا گیا کہ آئندہ اجلاس میں رپورٹ پیش کی جائے گی۔
ذرائع کے مطابق اجلاس میں متعلقہ حکام نے شرکت کی اور مختلف امور پر تفصیلی غور کیا گیا۔ اس موقع پر فیصلہ کیا گیا کہ آئندہ اجلاس میں رپورٹ پیش کی جائے گی۔
ذرائع کے مطابق اجلاس میں متعلقہ حکام نے شرکت کی اور مختلف امور پر تفصیلی غور کیا گیا۔ اس موقع پر فیصلہ کیا گیا کہ آئندہ اجلاس میں رپورٹ پیش کی جائے گی۔
ذرائع کے مطابق اجلاس میں متعلقہ حکام نے شرکت کی اور مختلف امور پر تفصیلی غور کیا گیا۔ اس موقع پر فیصلہ کیا گیا کہ آئندہ اجلاس میں رپورٹ پیش کی جائے گی۔
ذرائع کے مطابق اجلاس میں متعلقہ حکام نے شرکت کی اور مختلف امور پر تفصیلی غور کیا گیا۔ اس موقع پر فیصلہ کیا گیا کہ آئندہ اجلاس میں رپورٹ پیش کی جائے گی۔
ذرائع کے مطابق اجلاس میں متعلقہ حکام نے شرکت کی اور مختلف امور پر تفصیلی غور کیا گیا۔ اس موقع پر فیصلہ کیا گیا کہ آئندہ اجلاس میں رپورٹ پیش کی جائے گی۔
ذرائع کے مطابق اجلاس میں متعلقہ حکام نے شرکت کی اور مختلف امور پر تفصیلی غور کیا گیا۔ اس موقع پر فیصلہ کیا گیا کہ آئندہ اجلاس میں رپورٹ پیش کی جائے گی۔
ذرائع کے مطابق اجلاس میں متعلقہ حکام نے شرکت کی اور مختلف امور پر تفصیلی غور کیا گیا۔ اس موقع پر فیصلہ کیا گیا کہ آئندہ اجلاس میں رپورٹ پیش کی جائے گی۔
ذرائع کے مطابق اجلاس میں متعلقہ حکام نے شرکت کی اور مختلف امور پر تفصیلی غور کیا گیا۔ اس موقع پر فیصلہ کیا گیا کہ آئندہ اجلاس میں رپورٹ پیش کی جائے گی۔
ذرائع کے مطابق اجلاس میں متعلقہ حکام نے شرکت کی اور مختلف امور پر تفصیلی غور کیا گیا۔ اس موقع پر فیصلہ کیا گیا کہ آئندہ اجلاس میں رپورٹ پیش کی جائے گی۔
ذرائع کے مطابق اجلاس میں متعلقہ حکام نے شرکت کی اور مختلف امور پر تفصیلی غور کیا گیا۔ اس موقع پر فیصلہ کیا گیا کہ آئندہ اجلاس میں رپورٹ پیش کی جائے گی۔
ذرائع کے مطابق اجلاس میں متعلقہ حکام نے شرکت کی اور مختلف امور پر تفصیلی غور کیا گیا۔ اس موقع پر فیصلہ کیا گیا کہ آئندہ اجلاس میں رپورٹ پیش کی جائے گی۔
SKD-10
